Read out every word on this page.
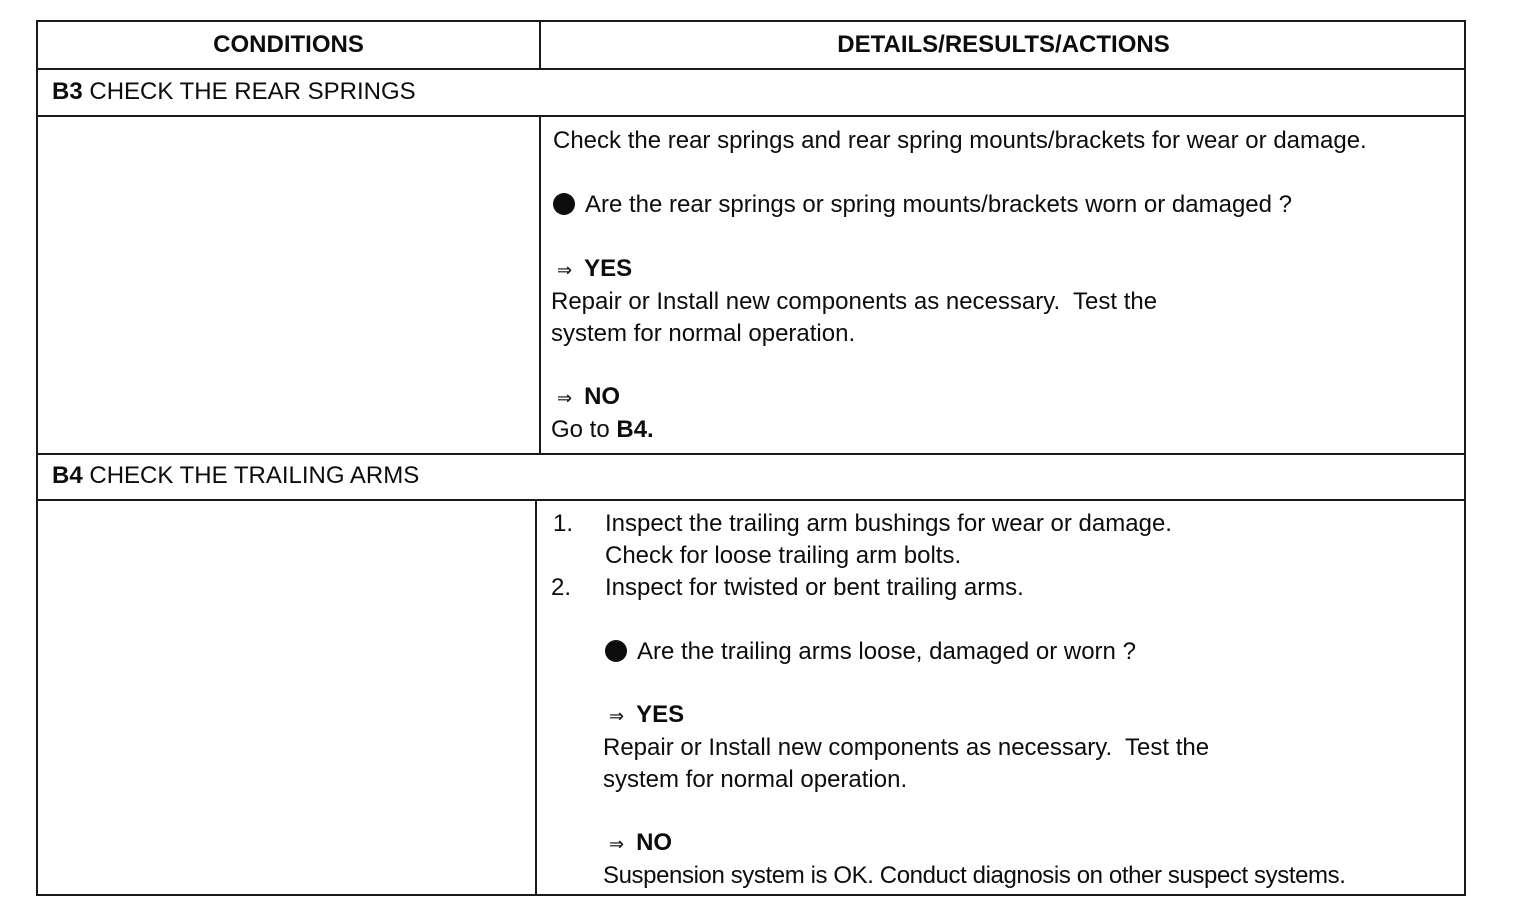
CONDITIONS	DETAILS/RESULTS/ACTIONS
B3 CHECK THE REAR SPRINGS
Check the rear springs and rear spring mounts/brackets for wear or damage.
Are the rear springs or spring mounts/brackets worn or damaged ?
⇒ YES
Repair or Install new components as necessary.  Test the
system for normal operation.
⇒ NO
Go to B4.
B4 CHECK THE TRAILING ARMS
1. Inspect the trailing arm bushings for wear or damage.
Check for loose trailing arm bolts.
2. Inspect for twisted or bent trailing arms.
Are the trailing arms loose, damaged or worn ?
⇒ YES
Repair or Install new components as necessary.  Test the
system for normal operation.
⇒ NO
Suspension system is OK. Conduct diagnosis on other suspect systems.
